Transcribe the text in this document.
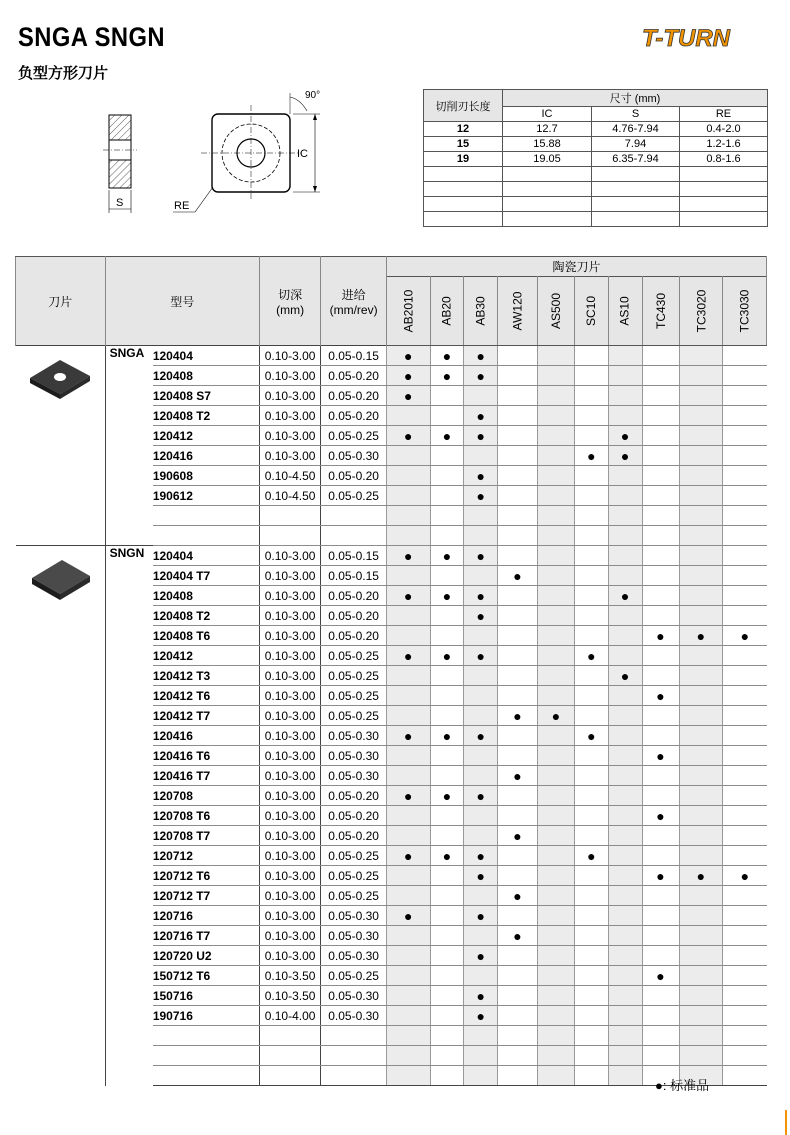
SNGA SNGN
负型方形刀片
T-TURN
S
IC
90°
RE
切削刃长度	尺寸 (mm)		
	IC	S	RE
12	12.7	4.76-7.94	0.4-2.0
15	15.88	7.94	1.2-1.6
19	19.05	6.35-7.94	0.8-1.6

刀片	型号		切深
(mm)	进给
(mm/rev)	陶瓷刀片									
					AB2010	AB20	AB30	AW120	AS500	SC10	AS10	TC430	TC3020	TC3030
	SNGA	120404	0.10-3.00	0.05-0.15	●	●	●							
		120408	0.10-3.00	0.05-0.20	●	●	●							
		120408 S7	0.10-3.00	0.05-0.20	●									
		120408 T2	0.10-3.00	0.05-0.20			●							
		120412	0.10-3.00	0.05-0.25	●	●	●				●			
		120416	0.10-3.00	0.05-0.30						●	●			
		190608	0.10-4.50	0.05-0.20			●							
		190612	0.10-4.50	0.05-0.25			●							

	SNGN	120404	0.10-3.00	0.05-0.15	●	●	●							
		120404 T7	0.10-3.00	0.05-0.15				●						
		120408	0.10-3.00	0.05-0.20	●	●	●				●			
		120408 T2	0.10-3.00	0.05-0.20			●							
		120408 T6	0.10-3.00	0.05-0.20								●	●	●
		120412	0.10-3.00	0.05-0.25	●	●	●			●				
		120412 T3	0.10-3.00	0.05-0.25							●			
		120412 T6	0.10-3.00	0.05-0.25								●		
		120412 T7	0.10-3.00	0.05-0.25				●	●					
		120416	0.10-3.00	0.05-0.30	●	●	●			●				
		120416 T6	0.10-3.00	0.05-0.30								●		
		120416 T7	0.10-3.00	0.05-0.30				●						
		120708	0.10-3.00	0.05-0.20	●	●	●							
		120708 T6	0.10-3.00	0.05-0.20								●		
		120708 T7	0.10-3.00	0.05-0.20				●						
		120712	0.10-3.00	0.05-0.25	●	●	●			●				
		120712 T6	0.10-3.00	0.05-0.25			●					●	●	●
		120712 T7	0.10-3.00	0.05-0.25				●						
		120716	0.10-3.00	0.05-0.30	●		●							
		120716 T7	0.10-3.00	0.05-0.30				●						
		120720 U2	0.10-3.00	0.05-0.30			●							
		150712 T6	0.10-3.50	0.05-0.25								●		
		150716	0.10-3.50	0.05-0.30			●							
		190716	0.10-4.00	0.05-0.30			●							

●: 标准品
